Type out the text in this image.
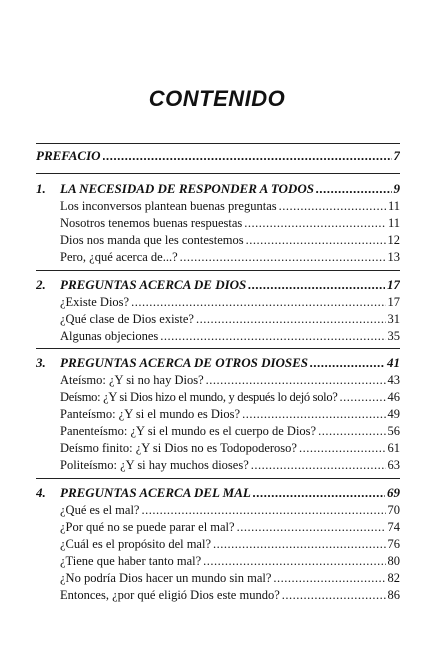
CONTENIDO
PREFACIO .....	7
1.	LA NECESIDAD DE RESPONDER A TODOS .....	9
Los inconversos plantean buenas preguntas .....	11
Nosotros tenemos buenas respuestas .....	11
Dios nos manda que les contestemos .....	12
Pero, ¿qué acerca de...? .....	13
2.	PREGUNTAS ACERCA DE DIOS .....	17
¿Existe Dios? .....	17
¿Qué clase de Dios existe? .....	31
Algunas objeciones .....	35
3.	PREGUNTAS ACERCA DE OTROS DIOSES .....	41
Ateísmo: ¿Y si no hay Dios? .....	43
Deísmo: ¿Y si Dios hizo el mundo, y después lo dejó solo? .....	46
Panteísmo: ¿Y si el mundo es Dios? .....	49
Panenteísmo: ¿Y si el mundo es el cuerpo de Dios? .....	56
Deísmo finito: ¿Y si Dios no es Todopoderoso? .....	61
Politeísmo: ¿Y si hay muchos dioses? .....	63
4.	PREGUNTAS ACERCA DEL MAL .....	69
¿Qué es el mal? .....	70
¿Por qué no se puede parar el mal? .....	74
¿Cuál es el propósito del mal? .....	76
¿Tiene que haber tanto mal? .....	80
¿No podría Dios hacer un mundo sin mal? .....	82
Entonces, ¿por qué eligió Dios este mundo? .....	86
